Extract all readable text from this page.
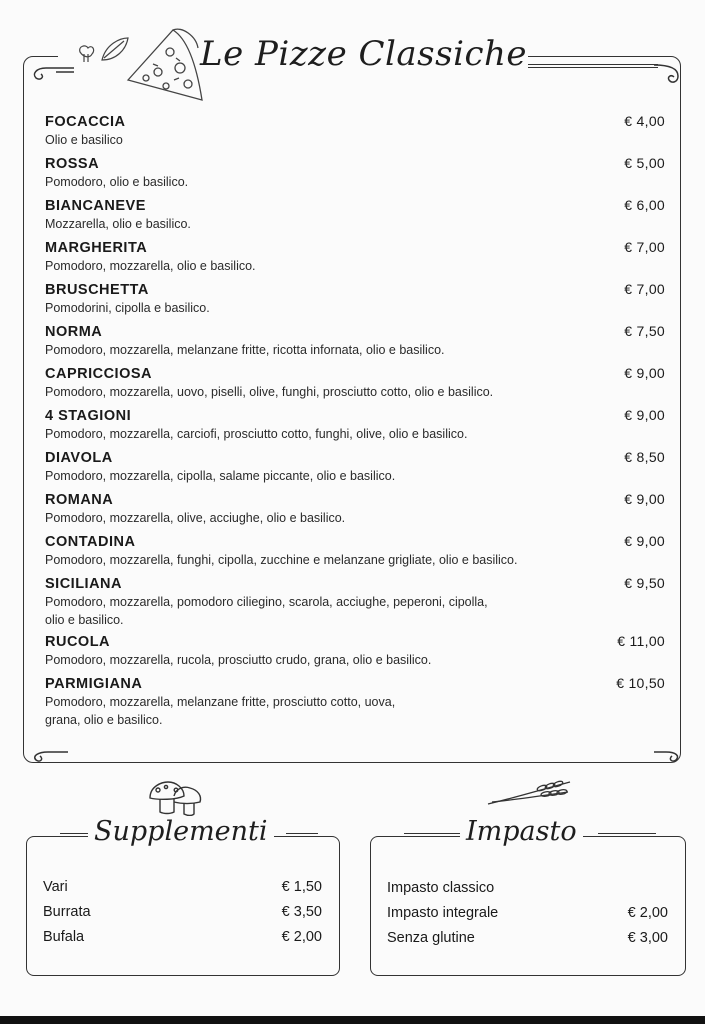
Le Pizze Classiche
FOCACCIA
Olio e basilico
€ 4,00
ROSSA
Pomodoro, olio e basilico.
€ 5,00
BIANCANEVE
Mozzarella, olio e basilico.
€ 6,00
MARGHERITA
Pomodoro, mozzarella, olio e basilico.
€ 7,00
BRUSCHETTA
Pomodorini, cipolla e basilico.
€ 7,00
NORMA
Pomodoro, mozzarella, melanzane fritte, ricotta infornata, olio e basilico.
€ 7,50
CAPRICCIOSA
Pomodoro, mozzarella, uovo, piselli, olive, funghi, prosciutto cotto, olio e basilico.
€ 9,00
4 STAGIONI
Pomodoro, mozzarella, carciofi, prosciutto cotto, funghi, olive, olio e basilico.
€ 9,00
DIAVOLA
Pomodoro, mozzarella, cipolla, salame piccante, olio e basilico.
€ 8,50
ROMANA
Pomodoro, mozzarella, olive, acciughe, olio e basilico.
€ 9,00
CONTADINA
Pomodoro, mozzarella, funghi, cipolla, zucchine e melanzane grigliate, olio e basilico.
€ 9,00
SICILIANA
Pomodoro, mozzarella, pomodoro ciliegino, scarola, acciughe, peperoni, cipolla,
olio e basilico.
€ 9,50
RUCOLA
Pomodoro, mozzarella, rucola, prosciutto crudo, grana, olio e basilico.
€ 11,00
PARMIGIANA
Pomodoro, mozzarella, melanzane fritte, prosciutto cotto, uova,
grana, olio e basilico.
€ 10,50
Supplementi
Vari	€ 1,50
Burrata	€ 3,50
Bufala	€ 2,00
Impasto
Impasto classico
Impasto integrale	€ 2,00
Senza glutine	€ 3,00
